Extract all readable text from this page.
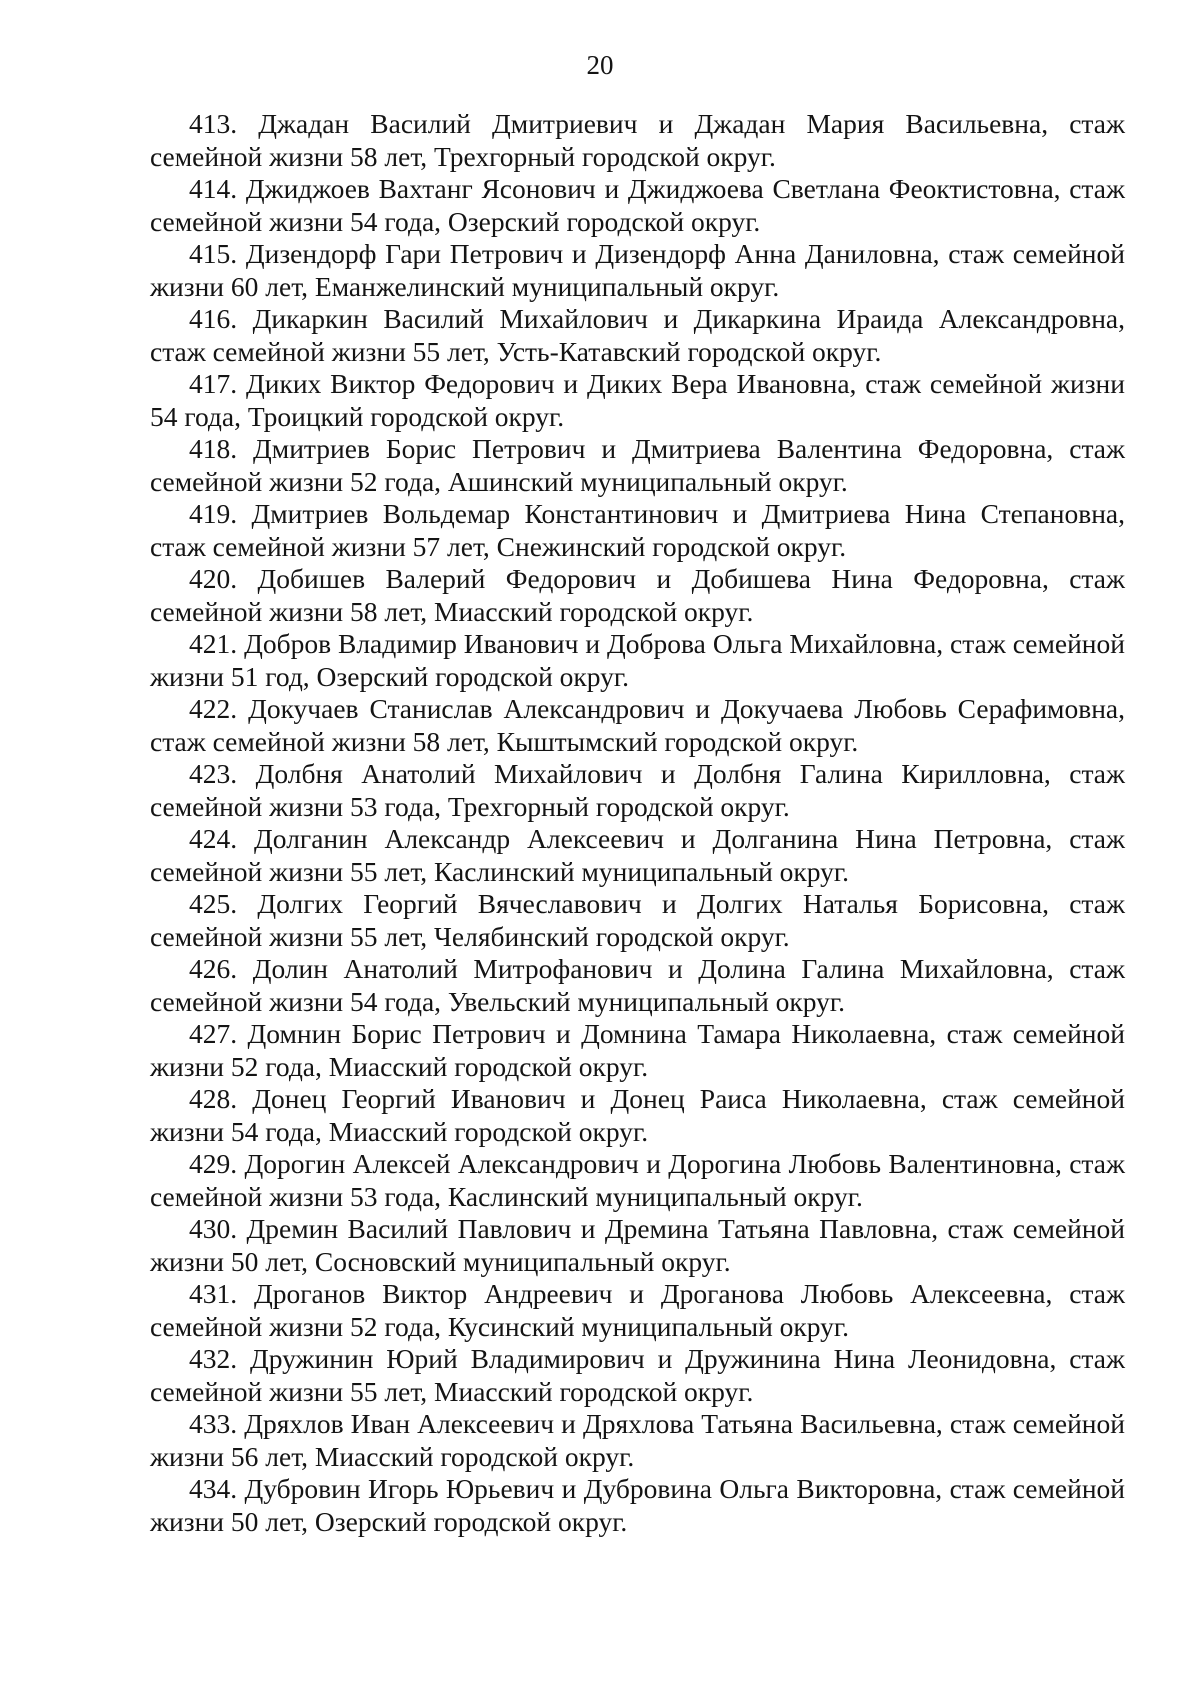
20

413. Джадан Василий Дмитриевич и Джадан Мария Васильевна, стаж семейной жизни 58 лет, Трехгорный городской округ.

414. Джиджоев Вахтанг Ясонович и Джиджоева Светлана Феоктистовна, стаж семейной жизни 54 года, Озерский городской округ.

415. Дизендорф Гари Петрович и Дизендорф Анна Даниловна, стаж семейной жизни 60 лет, Еманжелинский муниципальный округ.

416. Дикаркин Василий Михайлович и Дикаркина Ираида Александровна, стаж семейной жизни 55 лет, Усть-Катавский городской округ.

417. Диких Виктор Федорович и Диких Вера Ивановна, стаж семейной жизни 54 года, Троицкий городской округ.

418. Дмитриев Борис Петрович и Дмитриева Валентина Федоровна, стаж семейной жизни 52 года, Ашинский муниципальный округ.

419. Дмитриев Вольдемар Константинович и Дмитриева Нина Степановна, стаж семейной жизни 57 лет, Снежинский городской округ.

420. Добишев Валерий Федорович и Добишева Нина Федоровна, стаж семейной жизни 58 лет, Миасский городской округ.

421. Добров Владимир Иванович и Доброва Ольга Михайловна, стаж семейной жизни 51 год, Озерский городской округ.

422. Докучаев Станислав Александрович и Докучаева Любовь Серафимовна, стаж семейной жизни 58 лет, Кыштымский городской округ.

423. Долбня Анатолий Михайлович и Долбня Галина Кирилловна, стаж семейной жизни 53 года, Трехгорный городской округ.

424. Долганин Александр Алексеевич и Долганина Нина Петровна, стаж семейной жизни 55 лет, Каслинский муниципальный округ.

425. Долгих Георгий Вячеславович и Долгих Наталья Борисовна, стаж семейной жизни 55 лет, Челябинский городской округ.

426. Долин Анатолий Митрофанович и Долина Галина Михайловна, стаж семейной жизни 54 года, Увельский муниципальный округ.

427. Домнин Борис Петрович и Домнина Тамара Николаевна, стаж семейной жизни 52 года, Миасский городской округ.

428. Донец Георгий Иванович и Донец Раиса Николаевна, стаж семейной жизни 54 года, Миасский городской округ.

429. Дорогин Алексей Александрович и Дорогина Любовь Валентиновна, стаж семейной жизни 53 года, Каслинский муниципальный округ.

430. Дремин Василий Павлович и Дремина Татьяна Павловна, стаж семейной жизни 50 лет, Сосновский муниципальный округ.

431. Дроганов Виктор Андреевич и Дроганова Любовь Алексеевна, стаж семейной жизни 52 года, Кусинский муниципальный округ.

432. Дружинин Юрий Владимирович и Дружинина Нина Леонидовна, стаж семейной жизни 55 лет, Миасский городской округ.

433. Дряхлов Иван Алексеевич и Дряхлова Татьяна Васильевна, стаж семейной жизни 56 лет, Миасский городской округ.

434. Дубровин Игорь Юрьевич и Дубровина Ольга Викторовна, стаж семейной жизни 50 лет, Озерский городской округ.
